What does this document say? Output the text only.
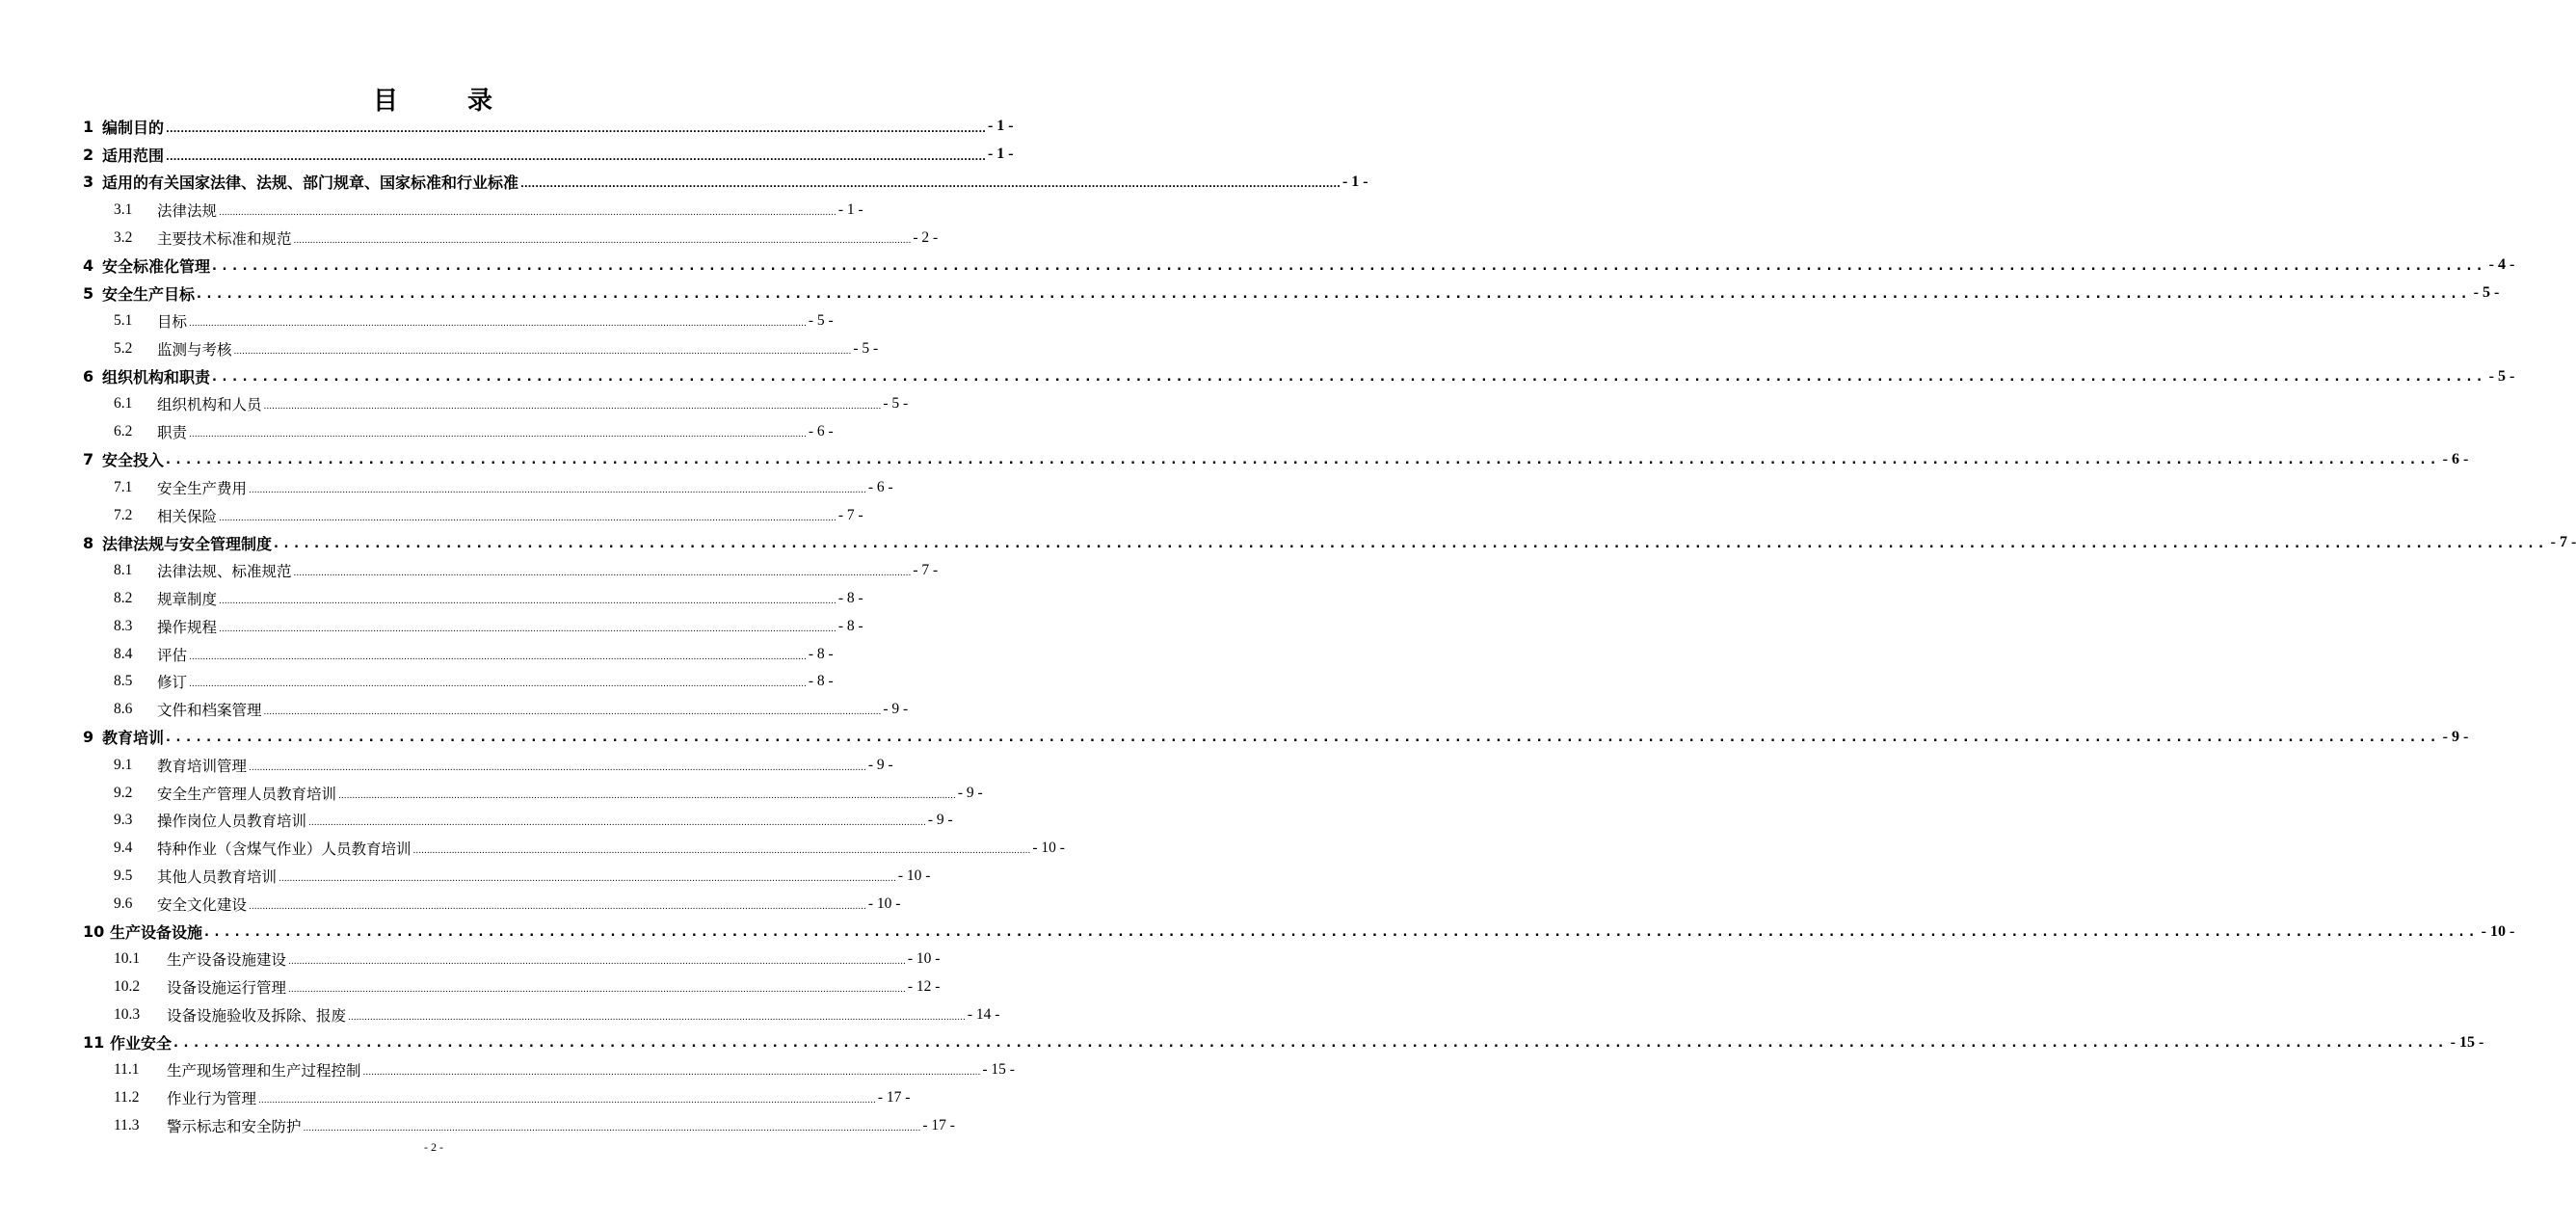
目	录
1 编制目的 ................................................................................................................................................................................................................................ - 1 -
2 适用范围 ................................................................................................................................................................................................................................ - 1 -
3 适用的有关国家法律、法规、部门规章、国家标准和行业标准 ................................................................................................................................................................................................................................ - 1 -
3.1	法律法规 ................................................................................................................................................................................................................................ - 1 -
3.2	主要技术标准和规范 ................................................................................................................................................................................................................................ - 2 -
4 安全标准化管理 ................................................................................................................................................................................................................................ - 4 -
5 安全生产目标 ................................................................................................................................................................................................................................ - 5 -
5.1	目标 ................................................................................................................................................................................................................................ - 5 -
5.2	监测与考核 ................................................................................................................................................................................................................................ - 5 -
6 组织机构和职责 ................................................................................................................................................................................................................................ - 5 -
6.1	组织机构和人员 ................................................................................................................................................................................................................................ - 5 -
6.2	职责 ................................................................................................................................................................................................................................ - 6 -
7 安全投入 ................................................................................................................................................................................................................................ - 6 -
7.1	安全生产费用 ................................................................................................................................................................................................................................ - 6 -
7.2	相关保险 ................................................................................................................................................................................................................................ - 7 -
8 法律法规与安全管理制度 ................................................................................................................................................................................................................................ - 7 -
8.1	法律法规、标准规范 ................................................................................................................................................................................................................................ - 7 -
8.2	规章制度 ................................................................................................................................................................................................................................ - 8 -
8.3	操作规程 ................................................................................................................................................................................................................................ - 8 -
8.4	评估 ................................................................................................................................................................................................................................ - 8 -
8.5	修订 ................................................................................................................................................................................................................................ - 8 -
8.6	文件和档案管理 ................................................................................................................................................................................................................................ - 9 -
9 教育培训 ................................................................................................................................................................................................................................ - 9 -
9.1	教育培训管理 ................................................................................................................................................................................................................................ - 9 -
9.2	安全生产管理人员教育培训 ................................................................................................................................................................................................................................ - 9 -
9.3	操作岗位人员教育培训 ................................................................................................................................................................................................................................ - 9 -
9.4	特种作业（含煤气作业）人员教育培训 ................................................................................................................................................................................................................................ - 10 -
9.5	其他人员教育培训 ................................................................................................................................................................................................................................ - 10 -
9.6	安全文化建设 ................................................................................................................................................................................................................................ - 10 -
10 生产设备设施 ................................................................................................................................................................................................................................ - 10 -
10.1	生产设备设施建设 ................................................................................................................................................................................................................................ - 10 -
10.2	设备设施运行管理 ................................................................................................................................................................................................................................ - 12 -
10.3	设备设施验收及拆除、报废 ................................................................................................................................................................................................................................ - 14 -
11 作业安全 ................................................................................................................................................................................................................................ - 15 -
11.1	生产现场管理和生产过程控制 ................................................................................................................................................................................................................................ - 15 -
11.2	作业行为管理 ................................................................................................................................................................................................................................ - 17 -
11.3	警示标志和安全防护 ................................................................................................................................................................................................................................ - 17 -
- 2 -
